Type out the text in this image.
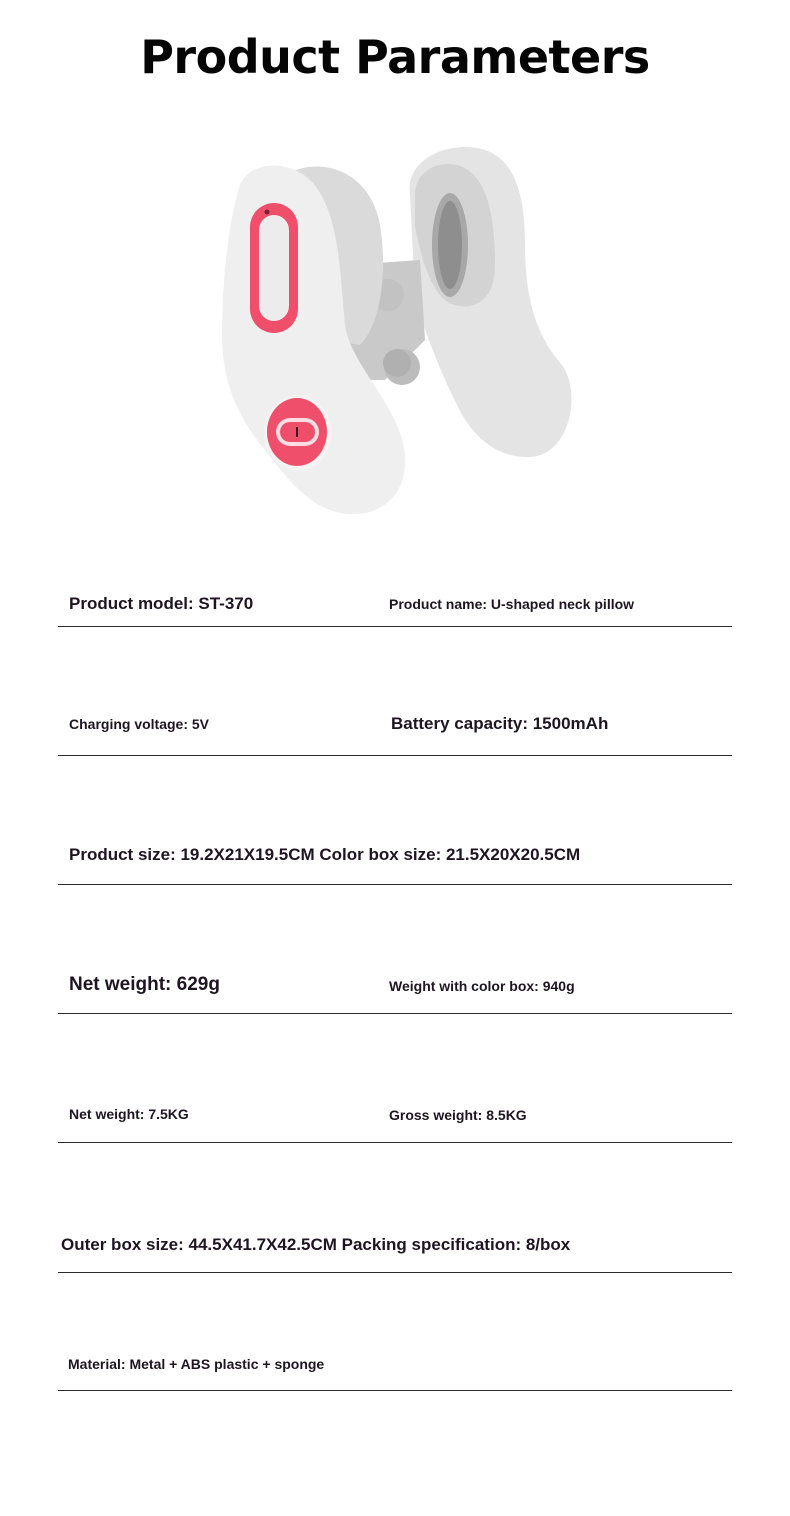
Product Parameters
Product model: ST-370	Product name: U-shaped neck pillow
Charging voltage: 5V	Battery capacity: 1500mAh
Product size: 19.2X21X19.5CM Color box size: 21.5X20X20.5CM
Net weight: 629g	Weight with color box: 940g
Net weight: 7.5KG	Gross weight: 8.5KG
Outer box size: 44.5X41.7X42.5CM Packing specification: 8/box
Material: Metal + ABS plastic + sponge
